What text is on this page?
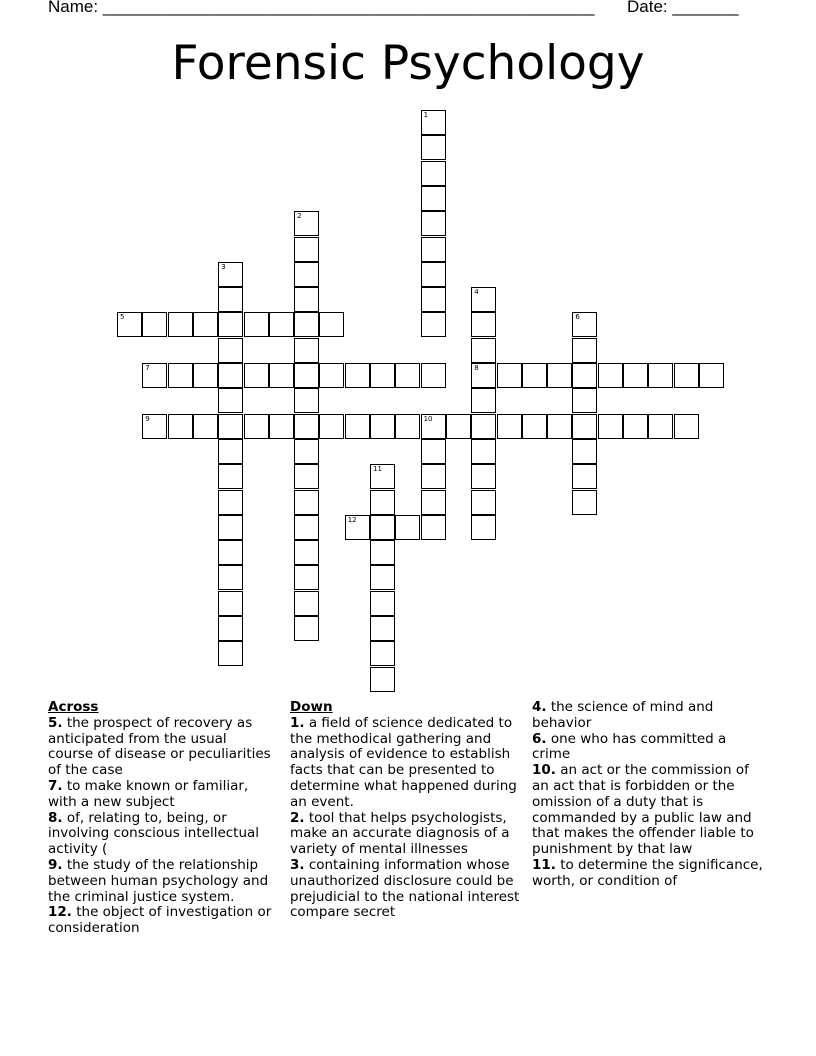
Name: ____________________________________________________ Date: _______
Forensic Psychology
1
2
3
4
8
5	6
7
9	10
11
12
Across
5. the prospect of recovery as anticipated from the usual course of disease or peculiarities of the case
7. to make known or familiar, with a new subject
8. of, relating to, being, or involving conscious intellectual activity (
9. the study of the relationship between human psychology and the criminal justice system.
12. the object of investigation or consideration
Down
1. a field of science dedicated to the methodical gathering and analysis of evidence to establish facts that can be presented to determine what happened during an event.
2. tool that helps psychologists, make an accurate diagnosis of a variety of mental illnesses
3. containing information whose unauthorized disclosure could be prejudicial to the national interest compare secret
4. the science of mind and behavior
6. one who has committed a crime
10. an act or the commission of an act that is forbidden or the omission of a duty that is commanded by a public law and that makes the offender liable to punishment by that law
11. to determine the significance, worth, or condition of
